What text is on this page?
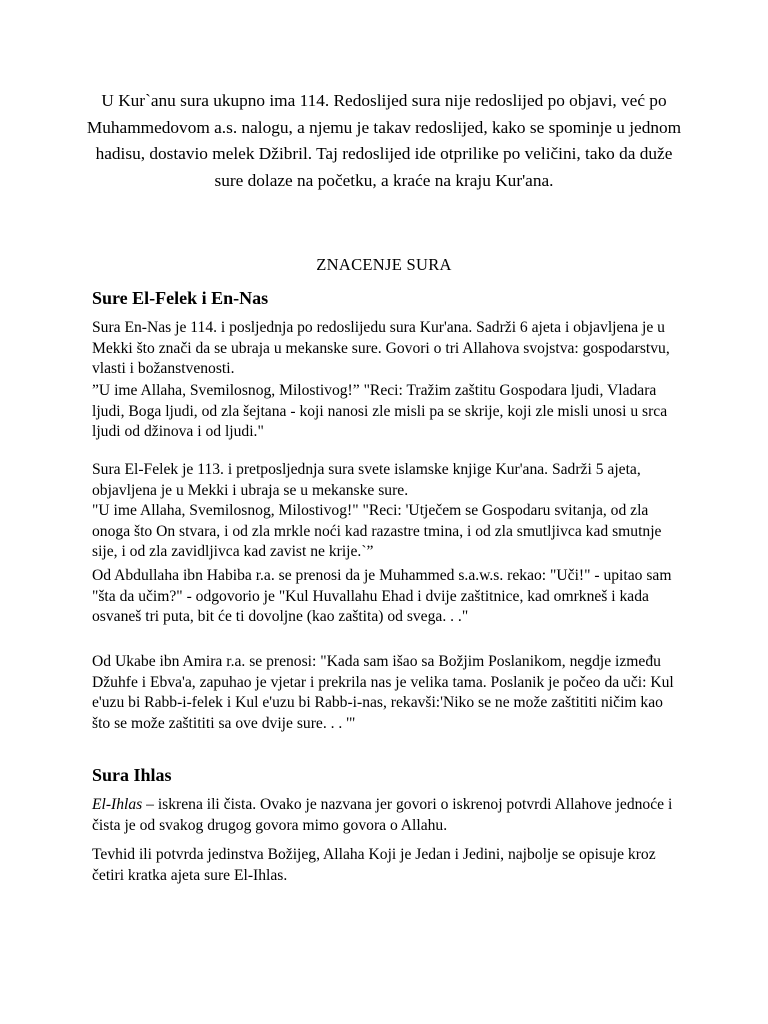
U Kur`anu sura ukupno ima 114. Redoslijed sura nije redoslijed po objavi, već po Muhammedovom a.s. nalogu, a njemu je takav redoslijed, kako se spominje u jednom hadisu, dostavio melek Džibril. Taj redoslijed ide otprilike po veličini, tako da duže sure dolaze na početku, a kraće na kraju Kur'ana.
ZNACENJE SURA
Sure El-Felek i En-Nas

Sura En-Nas je 114. i posljednja po redoslijedu sura Kur'ana. Sadrži 6 ajeta i objavljena je u Mekki što znači da se ubraja u mekanske sure. Govori o tri Allahova svojstva: gospodarstvu, vlasti i božanstvenosti.

”U ime Allaha, Svemilosnog, Milostivog!” "Reci: Tražim zaštitu Gospodara ljudi, Vladara ljudi, Boga ljudi, od zla šejtana - koji nanosi zle misli pa se skrije, koji zle misli unosi u srca ljudi od džinova i od ljudi."

Sura El-Felek je 113. i pretposljednja sura svete islamske knjige Kur'ana. Sadrži 5 ajeta, objavljena je u Mekki i ubraja se u mekanske sure.

"U ime Allaha, Svemilosnog, Milostivog!" "Reci: 'Utječem se Gospodaru svitanja, od zla onoga što On stvara, i od zla mrkle noći kad razastre tmina, i od zla smutljivca kad smutnje sije, i od zla zavidljivca kad zavist ne krije.`”

Od Abdullaha ibn Habiba r.a. se prenosi da je Muhammed s.a.w.s. rekao: "Uči!" - upitao sam "šta da učim?" - odgovorio je "Kul Huvallahu Ehad i dvije zaštitnice, kad omrkneš i kada osvaneš tri puta, bit će ti dovoljne (kao zaštita) od svega. . ."

Od Ukabe ibn Amira r.a. se prenosi: "Kada sam išao sa Božjim Poslanikom, negdje između Džuhfe i Ebva'a, zapuhao je vjetar i prekrila nas je velika tama. Poslanik je počeo da uči: Kul e'uzu bi Rabb-i-felek i Kul e'uzu bi Rabb-i-nas, rekavši:'Niko se ne može zaštititi ničim kao što se može zaštititi sa ove dvije sure. . . '"

Sura Ihlas

El-Ihlas – iskrena ili čista. Ovako je nazvana jer govori o iskrenoj potvrdi Allahove jednoće i čista je od svakog drugog govora mimo govora o Allahu.

Tevhid ili potvrda jedinstva Božijeg, Allaha Koji je Jedan i Jedini, najbolje se opisuje kroz četiri kratka ajeta sure El-Ihlas.
